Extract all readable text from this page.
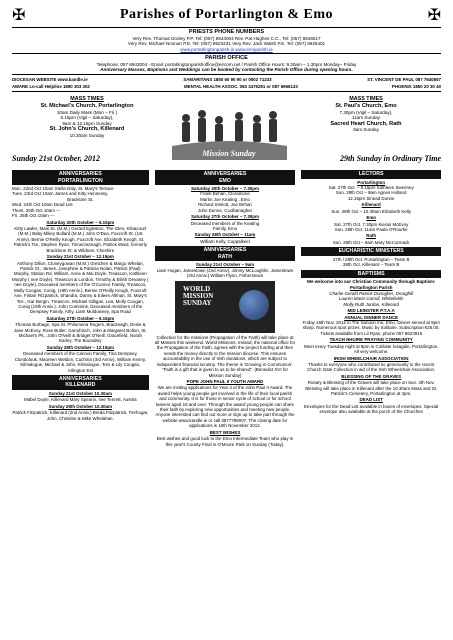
✠	Parishes of Portarlington & Emo	✠
PRIESTS PHONE NUMBERS
Very Rev. Thomas Dooley P.P. Tel: (057) 8643004 Rev. Pat Hughes C.C., Tel: (057) 8646517
Very Rev. Michael Noonan P.E. Tel: (057) 8623431 Very Rev. Jack Walsh P.E. Tel: (057) 8626401
www.portarlingtonparish.ie www.emoparish.ie
PARISH OFFICE
Telephone: 057 8643004 - Email: portarlingtonparishoffice@eircom.net / Parish Office Hours: 9.30am – 1.30pm Monday– Friday
Anniversary Masses, Baptisms and Weddings can be booked by contacting the Parish Office during opening hours.
DIOCESAN WEBSITE www.kandle.ie	SAMARITANS 1850 60 90 90 or 0502 71333	ST. VINCENT DE PAUL 087 7640557
AWARE Lo-call Helpline 1890 303 302	MENTAL HEALTH ASSOC. 083 3476291 or 087 6966133	PHOENIX 1850 20 30 40
MASS TIMES
St. Michael's Church, Portarlington
10am Daily Mass (Mon – Fri.)
6.15pm (Vigil – Saturday),
9am & 12.15pm Sunday
St. John's Church, Killenard
10.30am Sunday
Mission Sunday
MASS TIMES
St. Paul's Church, Emo
7.30pm (Vigil – Saturday),
11am Sunday
Sacred Heart Church, Rath
9am Sunday
Sunday 21st October, 2012	29th Sunday in Ordinary Time
ANNIVERSARIES
PORTARLINGTON
Mon. 22nd Oct 10am Stella Daly, St. Mary's Terrace
Tues. 23rd Oct 10am James and Kitty Hennessy,
Bracklone St.
Wed. 24th Oct 10am Dead List
Thurs. 25th Oct 10am ---
Fri. 26th Oct 10am ---
Saturday 20th October – 6.15pm
Kitty Lawler, Main St. (M.M.) Gerard Egleston, The Glen, Kilnacourt (M.M.) Baby Mikey Bollard (M.M.) John O'Dea, Foxcroft St. (1st Anniv), Bernie O'Reilly Keogh, Foxcroft Ave, Elizabeth Keogh, St. Patrick's Tce, Stephen Ryan, Tinnecrannagh, Patrick Ward, formerly Bracklone St. & Wildnes, Cheshire
Sunday 21st October – 12.15pm
Anthony Dillon, Cloneygowan (M.M.) Gretchen & Margo Whelan, Patrick St., James, Josephine & Patricia Nolan, Patrick (Paul) Murphy, Station Rd, William, Anne & Mai Doyle, Treascon, Kathleen Murphy ( nee Doyle), Treascon & London, Timothy & Eilish Devaney ( nee Doyle), Deceased members of the O'Connor Family, Treascon, Molly Coogan, Conig, (19th Anniv.), Bernie O'Reilly Keogh, Foxcroft Ave, Fintan Fitzpatrick, Shandra, Danny & Eileen Allman, St. Mary's Tce., Gar Bergin, Treascon, Michael Gilligan, Lea, Molly Coogan, Conig (19th Anniv.), John Cummins, Deceased members of the Dempsey Family, Athy, Liam Muldowney, Spa Road
Saturday 27th October – 6.15pm
Thomas Burbage, Spa St. Philomena Rogers, Bracknagh, Denis & Jane McEvoy, Rose Butler, Garryhinch, John & Margaret Bolton, St. Michael's Pk., John O'Neill & Bridget O'Neill, Gracefield, Norah Earley, The Boundary
Sunday 28th October – 12.15pm
Deceased members of the Cannon Family, Tina Dempsey, Clondolouk, Maureen Weldon, Cuchina (3rd Anniv), William Kenny, Kilmalogue, Michael & John, Kilmalogue, Tom & Lily Coogan, Arlington Est
ANNIVERSARIES
KILLENARD
Sunday 21st October 10.30am
Mabel Doyle, Killenard Mary Spearin, nee Tenrett, Austria
Sunday 28th October 10.30am
Patrick Fitzpatrick, Killenard (2nd Anniv.) Breda Fitzpatrick, Tierhogar, John, Christine & Mike Whelahan.
ANNIVERSARIES
EMO
Saturday 20th October – 7.30pm
Frank Behan, Cloramone
Martin Joe Keating , Emo
Richard Simlott, Joe Behan
John Dunne, Coolbanagher
Saturday 27th October – 7.30pm
Deceased members of the Keating
Family, Emo
Sunday 28th October – 11am
William Kelly, Coppalkeel
ANNIVERSARIES
RATH
Sunday 21st October – 9am
Liam Hogan, Jamestown (2nd Anniv), Jimmy McLoughlin, Jamestown (3rd Anniv.) William Flynn, Fisherstown
WORLD
MISSION
SUNDAY
Collection for the missions (Propagation of the Faith) will take place at all Masses this weekend. World Missions, Ireland, the national office for the Propagation of the Faith, agrees with the project funding and then sends the money directly to the mission diocese. This ensures accountability in the use of Irish donations, which are subject to independent financial scrutiny. The theme is 'Growing in Communion'. "Faith is a gift that is given to us to be shared". (Benedict XVI for Mission Sunday)
POPE JOHN PAUL II YOUTH AWARD
We are inviting applications for Year 4 of the John Paul II Award. The award helps young people get involved in the life of their local parish and community. It is for those in senior cycle of school or for school leavers aged 16 and over. Through the award young people can share their faith by exploring new opportunities and meeting new people. Anyone interested can find out more or sign up to take part through the website www.kandle.ie or call 0877788007. The closing date for applications is 16th November 2012.
BEST WISHES
Best wishes and good luck to the Emo Intermediate Team who play in this year's County Final in O'Moore Park on Sunday (Today).
LECTORS
Portarlington
Sat. 27th Oct. – 6.15pm Kathleen Sweeney
Sun. 28th Oct – 9am Agnes Holland
12.15pm Sinead Dunne
Killenard
Sun. 28th Oct – 10.30am Elizabeth Kelly
Emo
Sat. 27th Oct. 7.30pm Kieran McEvoy
Sun. 28th Oct. 11am Paula O'Rourke
Rath
Sun. 28th Oct – 9am Mary McCormack
EUCHARISTIC MINISTERS
27th / 28th Oct. Portarlington – Team B
28th Oct. Killenard – Team B
BAPTISMS
We welcome into our Christian Community through Baptism:
Portarlington Parish
Charlie Gerald Patrick Donogher, Droughill
Lauren Marie Carroll, Whitefields
Molly Ruth Jordan, Killenard
MID LEINSTER P.T.A.A
ANNUAL DINNER DANCE
Friday 16th Nov. 2012 in The Sandon Inn, Emo. Dinner served at 9pm sharp. Numerous spot prizes. Music by Solitaire. Subscription €25.00. Tickets available from Lil Ryan, phone 057 8623919
TEACH NHUIRE PRAYING COMMUNITY
Meet every Tuesday night at 8pm in Coláiste Íosagáin, Portarlington. All very welcome.
IRISH WHEELCHAIR ASSOCIATION
Thanks to everyone who contributed so generously to the recent Church Gate Collection in aid of the Irish Wheelchair Association.
BLESSING OF THE GRAVES
Rosary & Blessing of the Graves will take place on Sun. 4th Nov. Blessing will take place in Killenard after the 10.30am Mass and St. Patrick's Cemetery, Portarlington at 3pm.
DEAD LIST
Envelopes for the Dead List available in boxes of envelopes. Special envelope also available at the porch of the Churches
